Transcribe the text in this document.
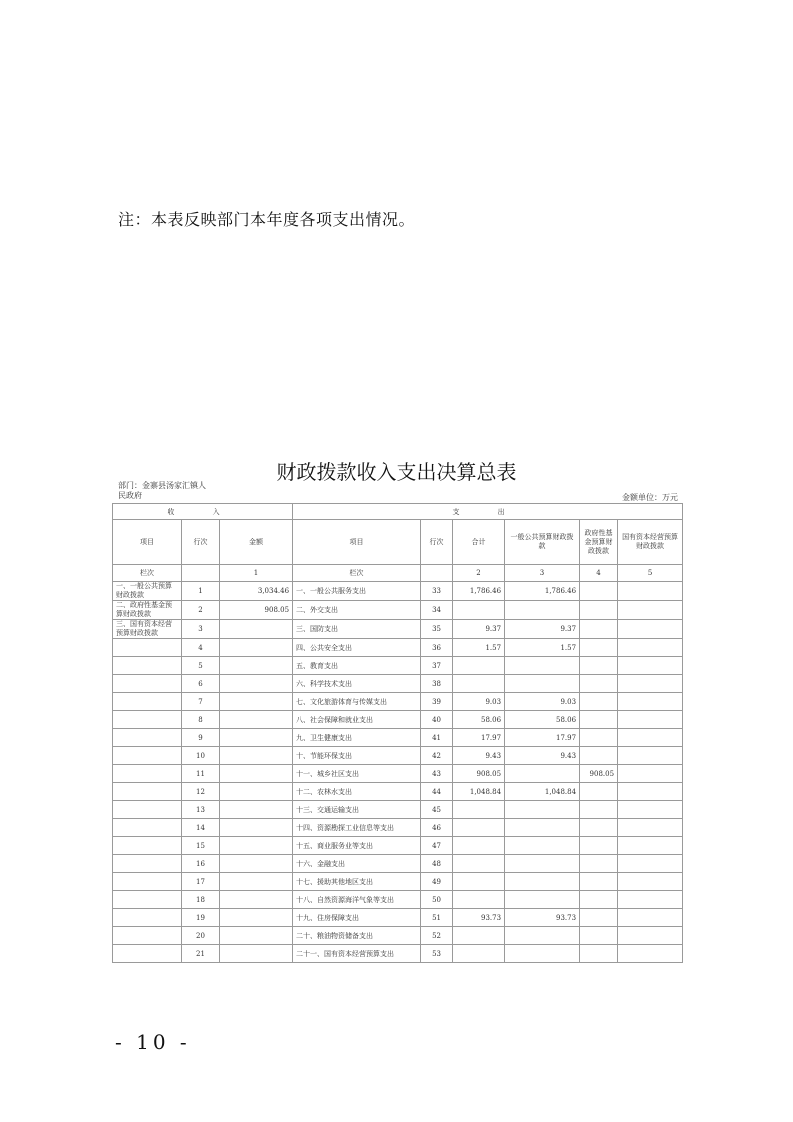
注：本表反映部门本年度各项支出情况。
财政拨款收入支出决算总表
部门：金寨县汤家汇镇人民政府	金额单位：万元
收 入			支 出					
项目	行次	金额	项目	行次	合计	一般公共预算财政拨款	政府性基金预算财政拨款	国有资本经营预算财政拨款
栏次		1	栏次		2	3	4	5
一、一般公共预算财政拨款	1	3,034.46	一、一般公共服务支出	33	1,786.46	1,786.46		
二、政府性基金预算财政拨款	2	908.05	二、外交支出	34				
三、国有资本经营预算财政拨款	3		三、国防支出	35	9.37	9.37		
	4		四、公共安全支出	36	1.57	1.57		
	5		五、教育支出	37				
	6		六、科学技术支出	38				
	7		七、文化旅游体育与传媒支出	39	9.03	9.03		
	8		八、社会保障和就业支出	40	58.06	58.06		
	9		九、卫生健康支出	41	17.97	17.97		
	10		十、节能环保支出	42	9.43	9.43		
	11		十一、城乡社区支出	43	908.05		908.05	
	12		十二、农林水支出	44	1,048.84	1,048.84		
	13		十三、交通运输支出	45				
	14		十四、资源勘探工业信息等支出	46				
	15		十五、商业服务业等支出	47				
	16		十六、金融支出	48				
	17		十七、援助其他地区支出	49				
	18		十八、自然资源海洋气象等支出	50				
	19		十九、住房保障支出	51	93.73	93.73		
	20		二十、粮油物资储备支出	52				
	21		二十一、国有资本经营预算支出	53				
- 10 -
